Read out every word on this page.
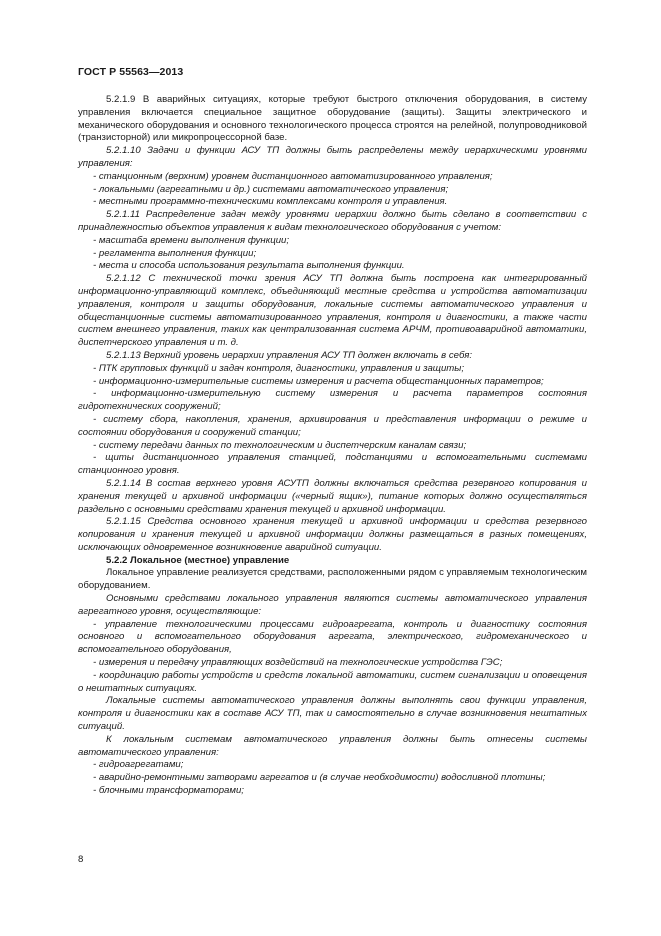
ГОСТ Р 55563—2013

5.2.1.9 В аварийных ситуациях, которые требуют быстрого отключения оборудования, в систему управления включается специальное защитное оборудование (защиты). Защиты электрического и механического оборудования и основного технологического процесса строятся на релейной, полупроводниковой (транзисторной) или микропроцессорной базе.

5.2.1.10 Задачи и функции АСУ ТП должны быть распределены между иерархическими уровнями управления:

- станционным (верхним) уровнем дистанционного автоматизированного управления;

- локальными (агрегатными и др.) системами автоматического управления;

- местными программно-техническими комплексами контроля и управления.

5.2.1.11 Распределение задач между уровнями иерархии должно быть сделано в соответствии с принадлежностью объектов управления к видам технологического оборудования с учетом:

- масштаба времени выполнения функции;

- регламента выполнения функции;

- места и способа использования результата выполнения функции.

5.2.1.12 С технической точки зрения АСУ ТП должна быть построена как интегрированный информационно-управляющий комплекс, объединяющий местные средства и устройства автоматизации управления, контроля и защиты оборудования, локальные системы автоматического управления и общестанционные системы автоматизированного управления, контроля и диагностики, а также части систем внешнего управления, таких как централизованная система АРЧМ, противоаварийной автоматики, диспетчерского управления и т. д.

5.2.1.13 Верхний уровень иерархии управления АСУ ТП должен включать в себя:

- ПТК групповых функций и задач контроля, диагностики, управления и защиты;

- информационно-измерительные системы измерения и расчета общестанционных параметров;

- информационно-измерительную систему измерения и расчета параметров состояния гидротехнических сооружений;

- систему сбора, накопления, хранения, архивирования и представления информации о режиме и состоянии оборудования и сооружений станции;

- систему передачи данных по технологическим и диспетчерским каналам связи;

- щиты дистанционного управления станцией, подстанциями и вспомогательными системами станционного уровня.

5.2.1.14 В состав верхнего уровня АСУТП должны включаться средства резервного копирования и хранения текущей и архивной информации («черный ящик»), питание которых должно осуществляться раздельно с основными средствами хранения текущей и архивной информации.

5.2.1.15 Средства основного хранения текущей и архивной информации и средства резервного копирования и хранения текущей и архивной информации должны размещаться в разных помещениях, исключающих одновременное возникновение аварийной ситуации.

5.2.2 Локальное (местное) управление

Локальное управление реализуется средствами, расположенными рядом с управляемым технологическим оборудованием.

Основными средствами локального управления являются системы автоматического управления агрегатного уровня, осуществляющие:

- управление технологическими процессами гидроагрегата, контроль и диагностику состояния основного и вспомогательного оборудования агрегата, электрического, гидромеханического и вспомогательного оборудования,

- измерения и передачу управляющих воздействий на технологические устройства ГЭС;

- координацию работы устройств и средств локальной автоматики, систем сигнализации и оповещения о нештатных ситуациях.

Локальные системы автоматического управления должны выполнять свои функции управления, контроля и диагностики как в составе АСУ ТП, так и самостоятельно в случае возникновения нештатных ситуаций.

К локальным системам автоматического управления должны быть отнесены системы автоматического управления:

- гидроагрегатами;

- аварийно-ремонтными затворами агрегатов и (в случае необходимости) водосливной плотины;

- блочными трансформаторами;

8
